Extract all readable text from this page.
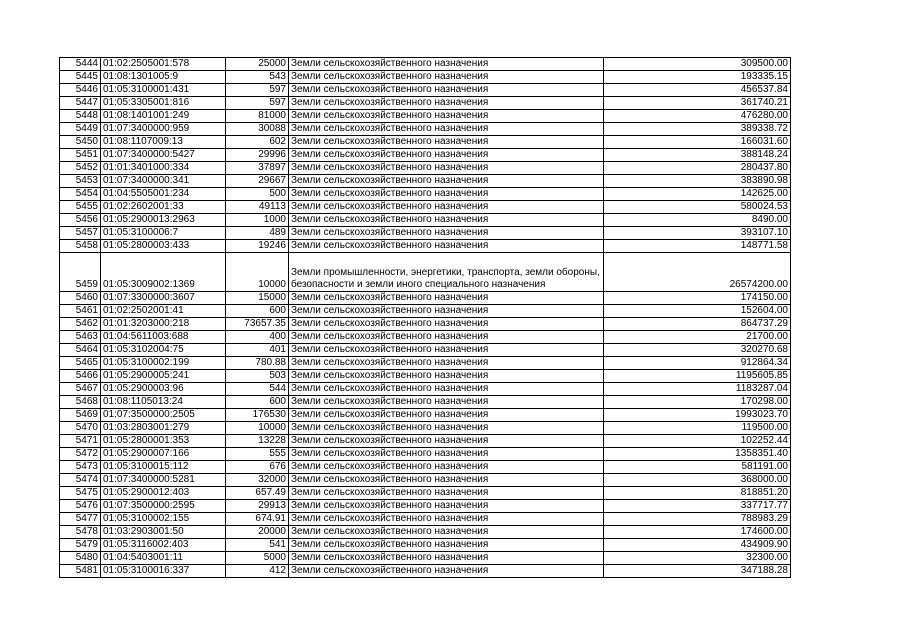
5444	01:02:2505001:578	25000	Земли сельскохозяйственного назначения	309500.00
5445	01:08:1301005:9	543	Земли сельскохозяйственного назначения	193335.15
5446	01:05:3100001:431	597	Земли сельскохозяйственного назначения	456537.84
5447	01:05:3305001:816	597	Земли сельскохозяйственного назначения	361740.21
5448	01:08:1401001:249	81000	Земли сельскохозяйственного назначения	476280.00
5449	01:07:3400000:959	30088	Земли сельскохозяйственного назначения	389338.72
5450	01:08:1107009:13	602	Земли сельскохозяйственного назначения	166031.60
5451	01:07:3400000:5427	29996	Земли сельскохозяйственного назначения	388148.24
5452	01:01:3401000:334	37897	Земли сельскохозяйственного назначения	280437.80
5453	01:07:3400000:341	29667	Земли сельскохозяйственного назначения	383890.98
5454	01:04:5505001:234	500	Земли сельскохозяйственного назначения	142625.00
5455	01:02:2602001:33	49113	Земли сельскохозяйственного назначения	580024.53
5456	01:05:2900013:2963	1000	Земли сельскохозяйственного назначения	8490.00
5457	01:05:3100006:7	489	Земли сельскохозяйственного назначения	393107.10
5458	01:05:2800003:433	19246	Земли сельскохозяйственного назначения	148771.58
5459	01:05:3009002:1369	10000	Земли промышленности, энергетики, транспорта, земли обороны, безопасности и земли иного специального назначения	26574200.00
5460	01:07:3300000:3607	15000	Земли сельскохозяйственного назначения	174150.00
5461	01:02:2502001:41	600	Земли сельскохозяйственного назначения	152604.00
5462	01:01:3203000:218	73657.35	Земли сельскохозяйственного назначения	864737.29
5463	01:04:5611003:688	400	Земли сельскохозяйственного назначения	21700.00
5464	01:05:3102004:75	401	Земли сельскохозяйственного назначения	320270.68
5465	01:05:3100002:199	780.88	Земли сельскохозяйственного назначения	912864.34
5466	01:05:2900005:241	503	Земли сельскохозяйственного назначения	1195605.85
5467	01:05:2900003:96	544	Земли сельскохозяйственного назначения	1183287.04
5468	01:08:1105013:24	600	Земли сельскохозяйственного назначения	170298.00
5469	01:07:3500000:2505	176530	Земли сельскохозяйственного назначения	1993023.70
5470	01:03:2803001:279	10000	Земли сельскохозяйственного назначения	119500.00
5471	01:05:2800001:353	13228	Земли сельскохозяйственного назначения	102252.44
5472	01:05:2900007:166	555	Земли сельскохозяйственного назначения	1358351.40
5473	01:05:3100015:112	676	Земли сельскохозяйственного назначения	581191.00
5474	01:07:3400000:5281	32000	Земли сельскохозяйственного назначения	368000.00
5475	01:05:2900012:403	657.49	Земли сельскохозяйственного назначения	818851.20
5476	01:07:3500000:2595	29913	Земли сельскохозяйственного назначения	337717.77
5477	01:05:3100002:155	674.91	Земли сельскохозяйственного назначения	788983.29
5478	01:03:2903001:50	20000	Земли сельскохозяйственного назначения	174600.00
5479	01:05:3116002:403	541	Земли сельскохозяйственного назначения	434909.90
5480	01:04:5403001:11	5000	Земли сельскохозяйственного назначения	32300.00
5481	01:05:3100016:337	412	Земли сельскохозяйственного назначения	347188.28
